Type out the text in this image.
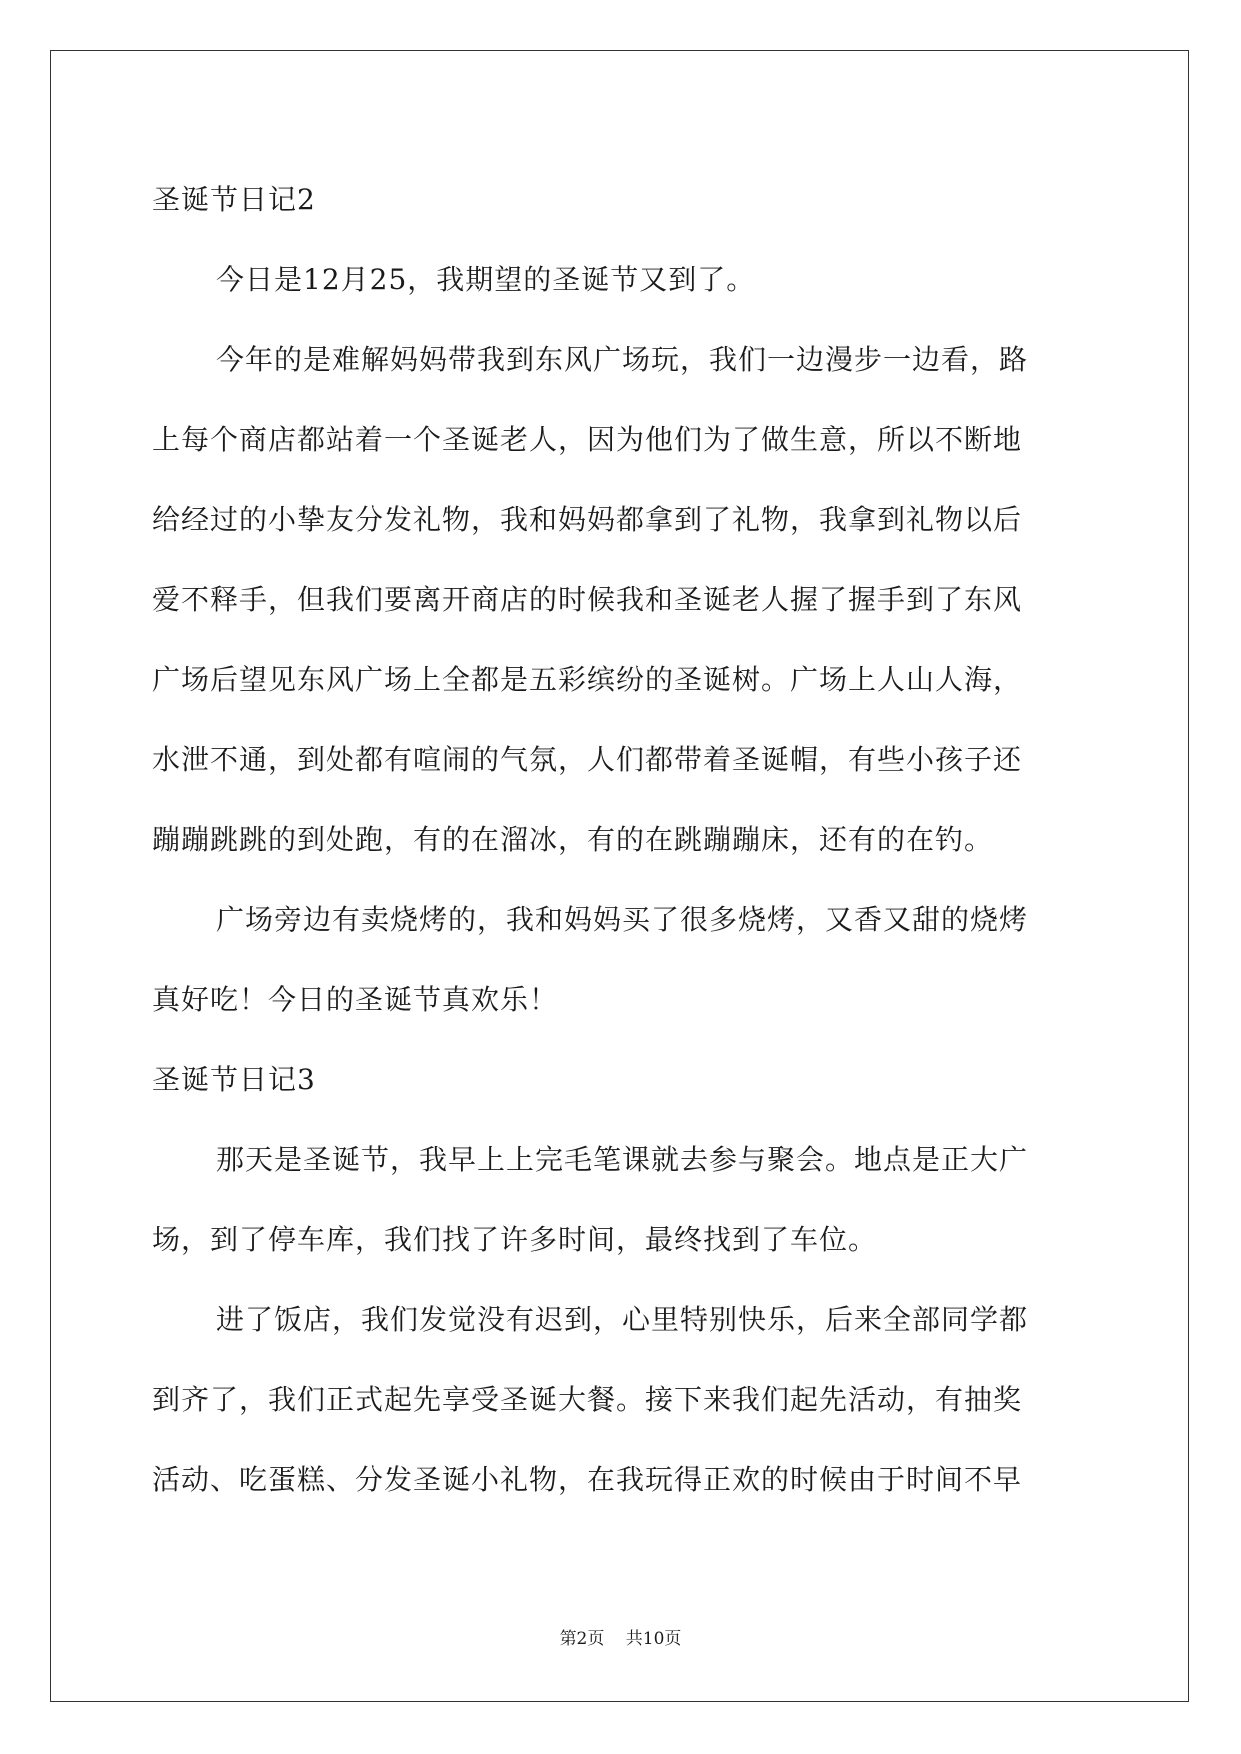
圣诞节日记2
今日是12月25，我期望的圣诞节又到了。
今年的是难解妈妈带我到东风广场玩，我们一边漫步一边看，路
上每个商店都站着一个圣诞老人，因为他们为了做生意，所以不断地
给经过的小挚友分发礼物，我和妈妈都拿到了礼物，我拿到礼物以后
爱不释手，但我们要离开商店的时候我和圣诞老人握了握手到了东风
广场后望见东风广场上全都是五彩缤纷的圣诞树。广场上人山人海，
水泄不通，到处都有喧闹的气氛，人们都带着圣诞帽，有些小孩子还
蹦蹦跳跳的到处跑，有的在溜冰，有的在跳蹦蹦床，还有的在钓。
广场旁边有卖烧烤的，我和妈妈买了很多烧烤，又香又甜的烧烤
真好吃！今日的圣诞节真欢乐！
圣诞节日记3
那天是圣诞节，我早上上完毛笔课就去参与聚会。地点是正大广
场，到了停车库，我们找了许多时间，最终找到了车位。
进了饭店，我们发觉没有迟到，心里特别快乐，后来全部同学都
到齐了，我们正式起先享受圣诞大餐。接下来我们起先活动，有抽奖
活动、吃蛋糕、分发圣诞小礼物，在我玩得正欢的时候由于时间不早
第2页 共10页
